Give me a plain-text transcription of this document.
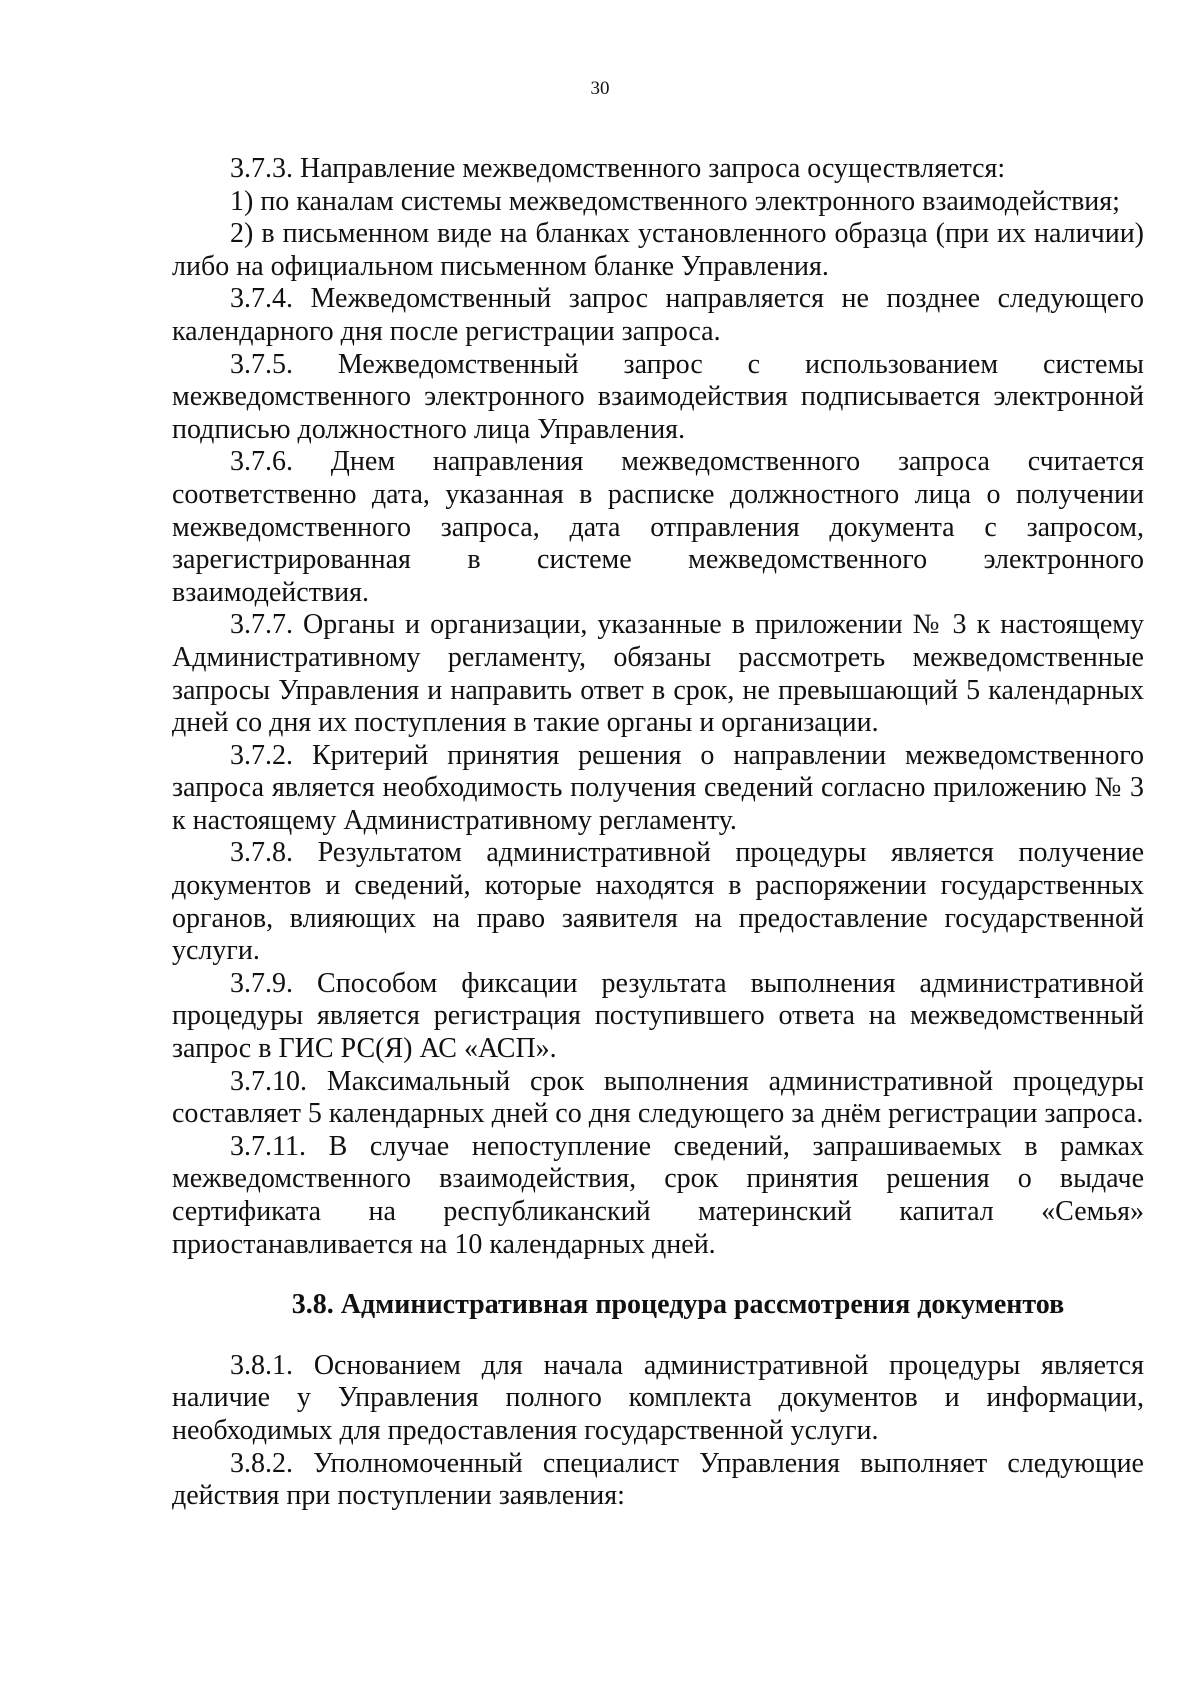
30

3.7.3. Направление межведомственного запроса осуществляется:

1) по каналам системы межведомственного электронного взаимодействия;

2) в письменном виде на бланках установленного образца (при их наличии) либо на официальном письменном бланке Управления.

3.7.4. Межведомственный запрос направляется не позднее следующего календарного дня после регистрации запроса.

3.7.5. Межведомственный запрос с использованием системы межведомственного электронного взаимодействия подписывается электронной подписью должностного лица Управления.

3.7.6. Днем направления межведомственного запроса считается соответственно дата, указанная в расписке должностного лица о получении межведомственного запроса, дата отправления документа с запросом, зарегистрированная в системе межведомственного электронного взаимодействия.

3.7.7. Органы и организации, указанные в приложении № 3 к настоящему Административному регламенту, обязаны рассмотреть межведомственные запросы Управления и направить ответ в срок, не превышающий 5 календарных дней со дня их поступления в такие органы и организации.

3.7.2. Критерий принятия решения о направлении межведомственного запроса является необходимость получения сведений согласно приложению № 3 к настоящему Административному регламенту.

3.7.8. Результатом административной процедуры является получение документов и сведений, которые находятся в распоряжении государственных органов, влияющих на право заявителя на предоставление государственной услуги.

3.7.9. Способом фиксации результата выполнения административной процедуры является регистрация поступившего ответа на межведомственный запрос в ГИС РС(Я) АС «АСП».

3.7.10. Максимальный срок выполнения административной процедуры составляет 5 календарных дней со дня следующего за днём регистрации запроса.

3.7.11. В случае непоступление сведений, запрашиваемых в рамках межведомственного взаимодействия, срок принятия решения о выдаче сертификата на республиканский материнский капитал «Семья» приостанавливается на 10 календарных дней.

3.8. Административная процедура рассмотрения документов

3.8.1. Основанием для начала административной процедуры является наличие у Управления полного комплекта документов и информации, необходимых для предоставления государственной услуги.

3.8.2. Уполномоченный специалист Управления выполняет следующие действия при поступлении заявления:
